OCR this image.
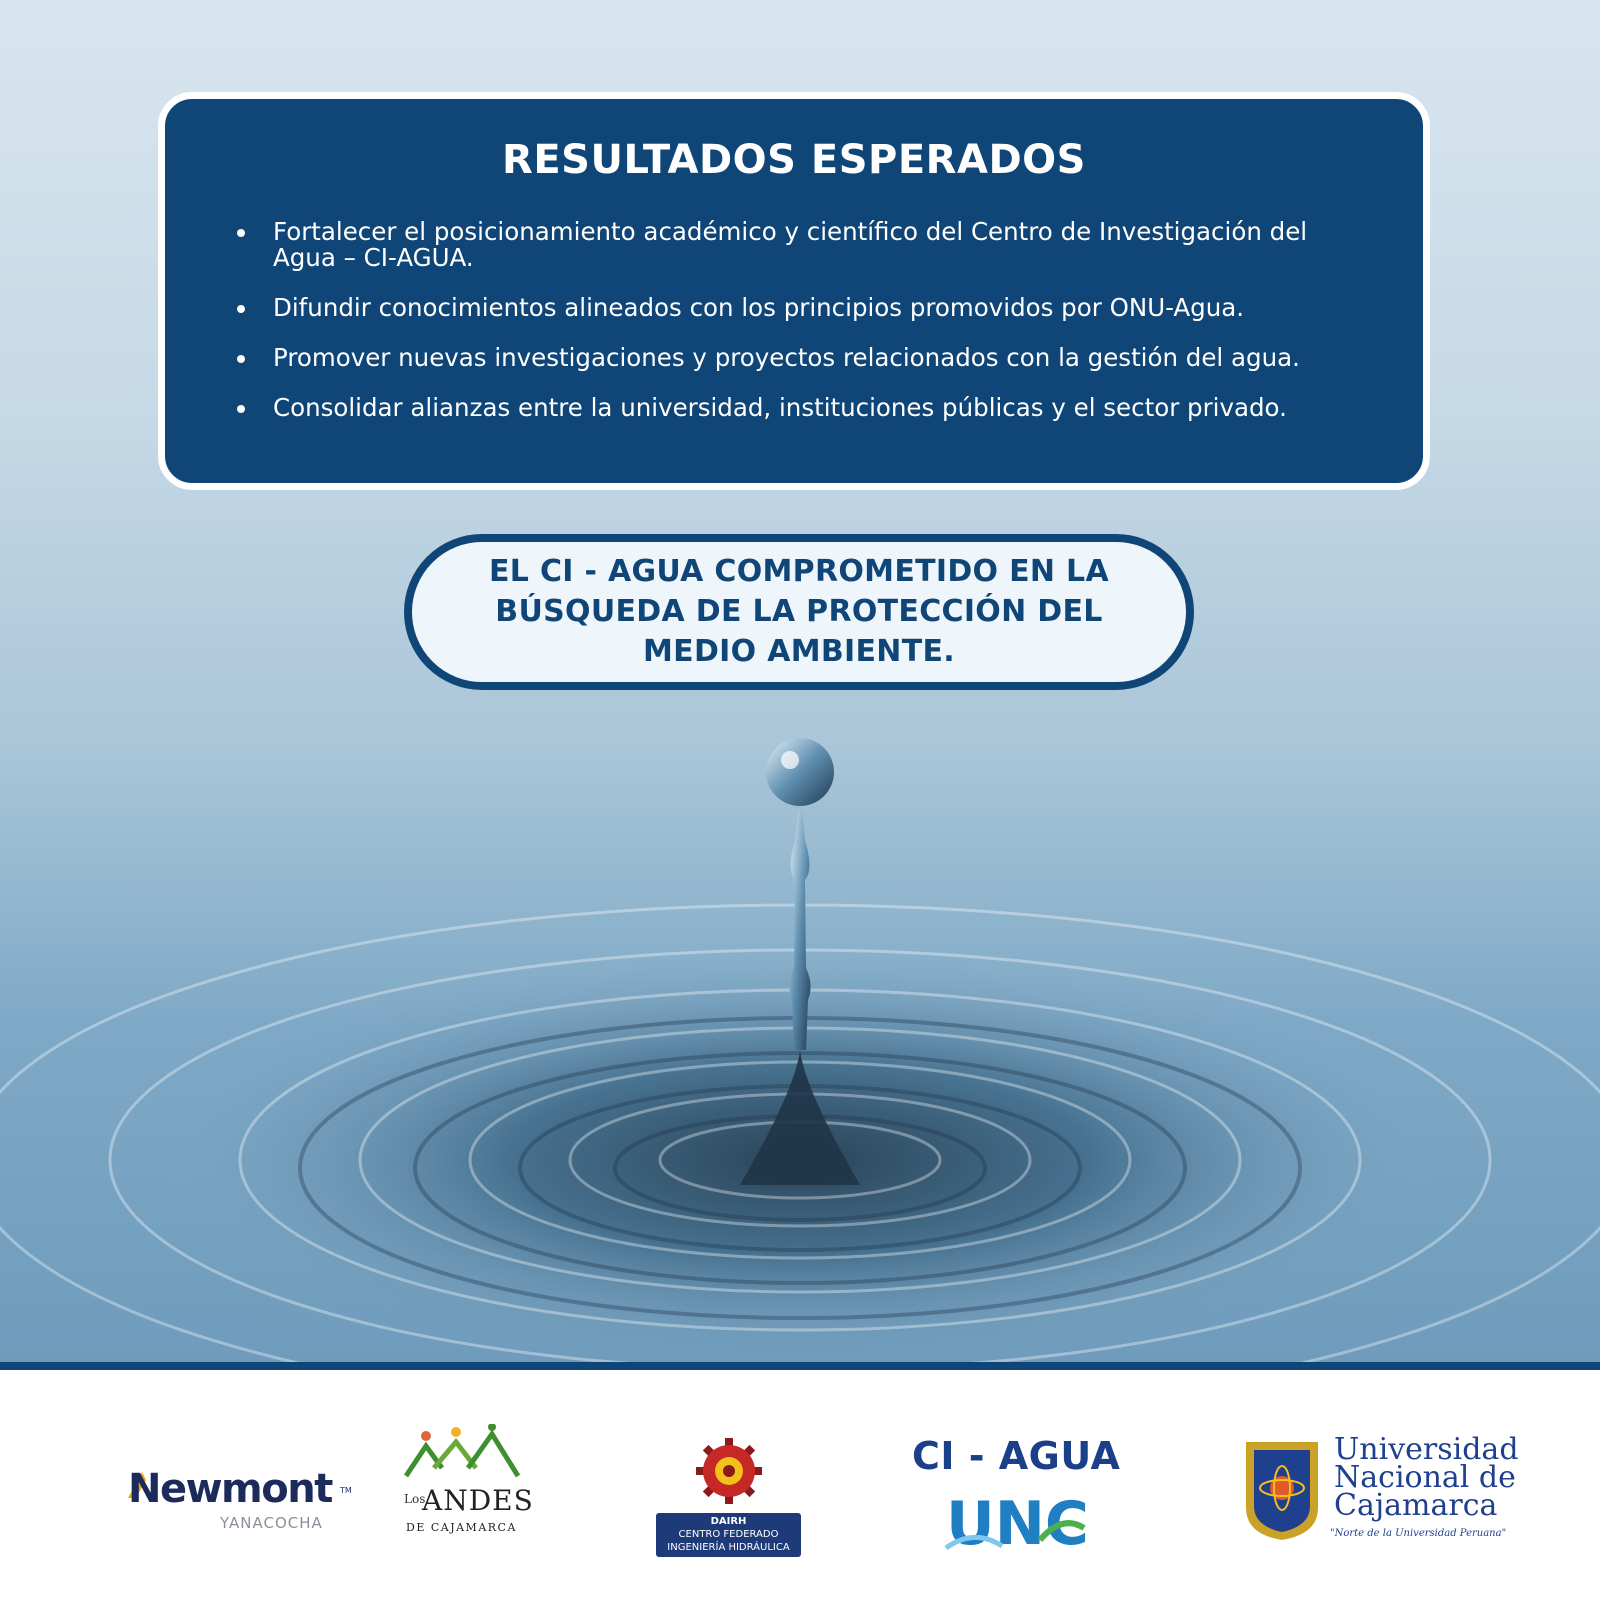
RESULTADOS ESPERADOS
Fortalecer el posicionamiento académico y científico del Centro de Investigación del Agua – CI-AGUA.
Difundir conocimientos alineados con los principios promovidos por ONU-Agua.
Promover nuevas investigaciones y proyectos relacionados con la gestión del agua.
Consolidar alianzas entre la universidad, instituciones públicas y el sector privado.
EL CI - AGUA COMPROMETIDO EN LA
BÚSQUEDA DE LA PROTECCIÓN DEL
MEDIO AMBIENTE.
Newmont TM
YANACOCHA
Los
ANDES
DE CAJAMARCA	DAIRH
CENTRO FEDERADO
INGENIERÍA HIDRÁULICA
CI - AGUA
UNC
Universidad
Nacional de
Cajamarca
"Norte de la Universidad Peruana"
